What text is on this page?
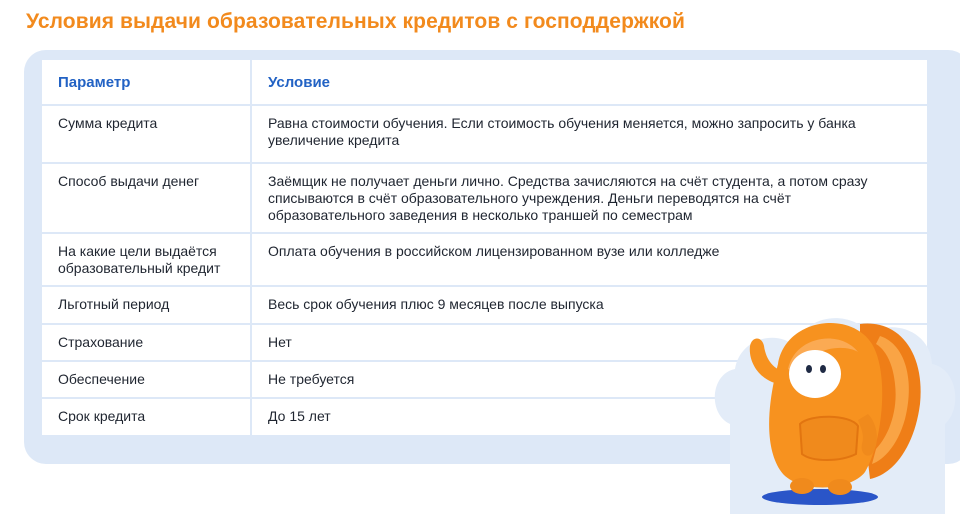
Условия выдачи образовательных кредитов с господдержкой
Параметр	Условие
Сумма кредита	Равна стоимости обучения. Если стоимость обучения меняется, можно запросить у банка увеличение кредита
Способ выдачи денег	Заёмщик не получает деньги лично. Средства зачисляются на счёт студента, а потом сразу списываются в счёт образовательного учреждения. Деньги переводятся на счёт образовательного заведения в несколько траншей по семестрам
На какие цели выдаётся образовательный кредит	Оплата обучения в российском лицензированном вузе или колледже
Льготный период	Весь срок обучения плюс 9 месяцев после выпуска
Страхование	Нет
Обеспечение	Не требуется
Срок кредита	До 15 лет
